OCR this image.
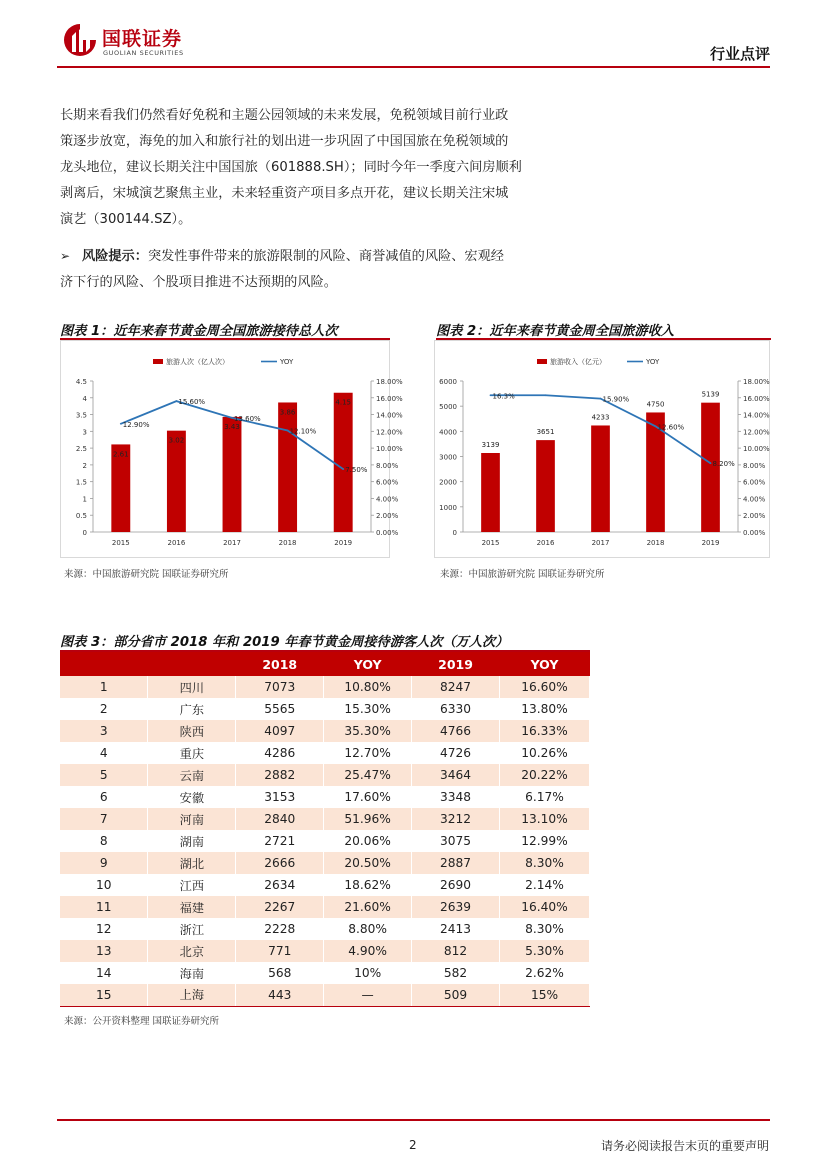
国联证券
GUOLIAN SECURITIES	行业点评
长期来看我们仍然看好免税和主题公园领域的未来发展，免税领域目前行业政
策逐步放宽，海免的加入和旅行社的划出进一步巩固了中国国旅在免税领域的
龙头地位，建议长期关注中国国旅（601888.SH）；同时今年一季度六间房顺利
剥离后，宋城演艺聚焦主业，未来轻重资产项目多点开花，建议长期关注宋城
演艺（300144.SZ）。
➢ 风险提示：突发性事件带来的旅游限制的风险、商誉减值的风险、宏观经
济下行的风险、个股项目推进不达预期的风险。
图表 1：近年来春节黄金周全国旅游接待总人次
0
0.5
1
1.5
2
2.5
3
3.5
4
4.5
0.00%
2.00%
4.00%
6.00%
8.00%
10.00%
12.00%
14.00%
16.00%
18.00%
2015
2.61
2016
3.02
2017
3.43
2018
3.86
2019
4.15
12.90%
15.60%
13.60%
12.10%
7.50%
旅游人次（亿人次）	YOY
来源：中国旅游研究院 国联证券研究所
图表 2：近年来春节黄金周全国旅游收入
0
1000
2000
3000
4000
5000
6000
0.00%
2.00%
4.00%
6.00%
8.00%
10.00%
12.00%
14.00%
16.00%
18.00%
2015
3139
2016
3651
2017
4233
2018
4750
2019
5139
16.3%	15.90%
12.60%
8.20%
旅游收入（亿元）	YOY
来源：中国旅游研究院 国联证券研究所
图表 3：部分省市 2018 年和 2019 年春节黄金周接待游客人次（万人次）
		2018	YOY	2019	YOY
1	四川	7073	10.80%	8247	16.60%
2	广东	5565	15.30%	6330	13.80%
3	陕西	4097	35.30%	4766	16.33%
4	重庆	4286	12.70%	4726	10.26%
5	云南	2882	25.47%	3464	20.22%
6	安徽	3153	17.60%	3348	6.17%
7	河南	2840	51.96%	3212	13.10%
8	湖南	2721	20.06%	3075	12.99%
9	湖北	2666	20.50%	2887	8.30%
10	江西	2634	18.62%	2690	2.14%
11	福建	2267	21.60%	2639	16.40%
12	浙江	2228	8.80%	2413	8.30%
13	北京	771	4.90%	812	5.30%
14	海南	568	10%	582	2.62%
15	上海	443	—	509	15%
来源：公开资料整理 国联证券研究所
2	请务必阅读报告末页的重要声明
